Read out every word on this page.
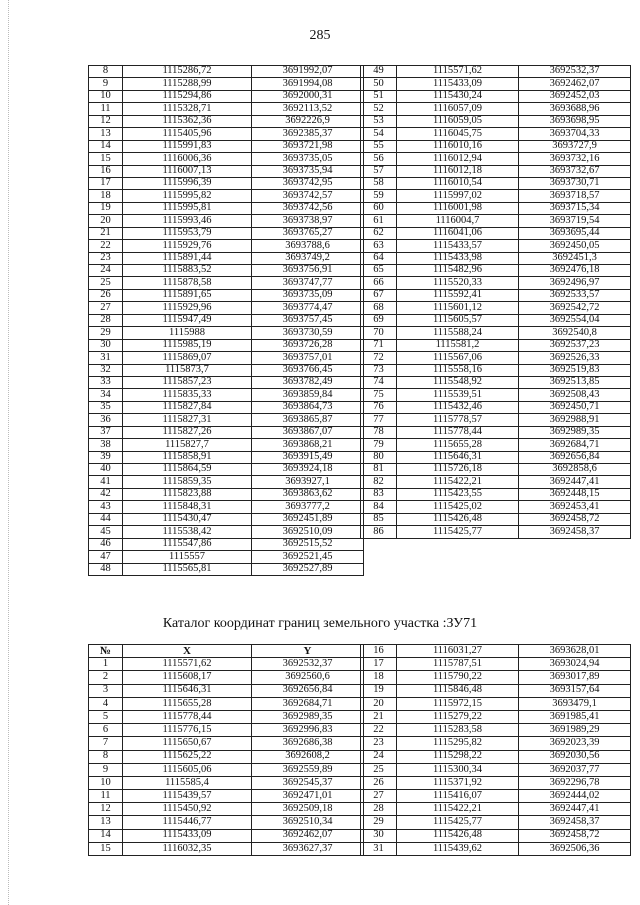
285
8	1115286,72	3691992,07
9	1115288,99	3691994,08
10	1115294,86	3692000,31
11	1115328,71	3692113,52
12	1115362,36	3692226,9
13	1115405,96	3692385,37
14	1115991,83	3693721,98
15	1116006,36	3693735,05
16	1116007,13	3693735,94
17	1115996,39	3693742,95
18	1115995,82	3693742,57
19	1115995,81	3693742,56
20	1115993,46	3693738,97
21	1115953,79	3693765,27
22	1115929,76	3693788,6
23	1115891,44	3693749,2
24	1115883,52	3693756,91
25	1115878,58	3693747,77
26	1115891,65	3693735,09
27	1115929,96	3693774,47
28	1115947,49	3693757,45
29	1115988	3693730,59
30	1115985,19	3693726,28
31	1115869,07	3693757,01
32	1115873,7	3693766,45
33	1115857,23	3693782,49
34	1115835,33	3693859,84
35	1115827,84	3693864,73
36	1115827,31	3693865,87
37	1115827,26	3693867,07
38	1115827,7	3693868,21
39	1115858,91	3693915,49
40	1115864,59	3693924,18
41	1115859,35	3693927,1
42	1115823,88	3693863,62
43	1115848,31	3693777,2
44	1115430,47	3692451,89
45	1115538,42	3692510,09
46	1115547,86	3692515,52
47	1115557	3692521,45
48	1115565,81	3692527,89
49	1115571,62	3692532,37
50	1115433,09	3692462,07
51	1115430,24	3692452,03
52	1116057,09	3693688,96
53	1116059,05	3693698,95
54	1116045,75	3693704,33
55	1116010,16	3693727,9
56	1116012,94	3693732,16
57	1116012,18	3693732,67
58	1116010,54	3693730,71
59	1115997,02	3693718,57
60	1116001,98	3693715,34
61	1116004,7	3693719,54
62	1116041,06	3693695,44
63	1115433,57	3692450,05
64	1115433,98	3692451,3
65	1115482,96	3692476,18
66	1115520,33	3692496,97
67	1115592,41	3692533,57
68	1115601,12	3692542,72
69	1115605,57	3692554,04
70	1115588,24	3692540,8
71	1115581,2	3692537,23
72	1115567,06	3692526,33
73	1115558,16	3692519,83
74	1115548,92	3692513,85
75	1115539,51	3692508,43
76	1115432,46	3692450,71
77	1115778,57	3692988,91
78	1115778,44	3692989,35
79	1115655,28	3692684,71
80	1115646,31	3692656,84
81	1115726,18	3692858,6
82	1115422,21	3692447,41
83	1115423,55	3692448,15
84	1115425,02	3692453,41
85	1115426,48	3692458,72
86	1115425,77	3692458,37
Каталог координат границ земельного участка :ЗУ71
№	X	Y
1	1115571,62	3692532,37
2	1115608,17	3692560,6
3	1115646,31	3692656,84
4	1115655,28	3692684,71
5	1115778,44	3692989,35
6	1115776,15	3692996,83
7	1115650,67	3692686,38
8	1115625,22	3692608,2
9	1115605,06	3692559,89
10	1115585,4	3692545,37
11	1115439,57	3692471,01
12	1115450,92	3692509,18
13	1115446,77	3692510,34
14	1115433,09	3692462,07
15	1116032,35	3693627,37
16	1116031,27	3693628,01
17	1115787,51	3693024,94
18	1115790,22	3693017,89
19	1115846,48	3693157,64
20	1115972,15	3693479,1
21	1115279,22	3691985,41
22	1115283,58	3691989,29
23	1115295,82	3692023,39
24	1115298,22	3692030,56
25	1115300,34	3692037,77
26	1115371,92	3692296,78
27	1115416,07	3692444,02
28	1115422,21	3692447,41
29	1115425,77	3692458,37
30	1115426,48	3692458,72
31	1115439,62	3692506,36
